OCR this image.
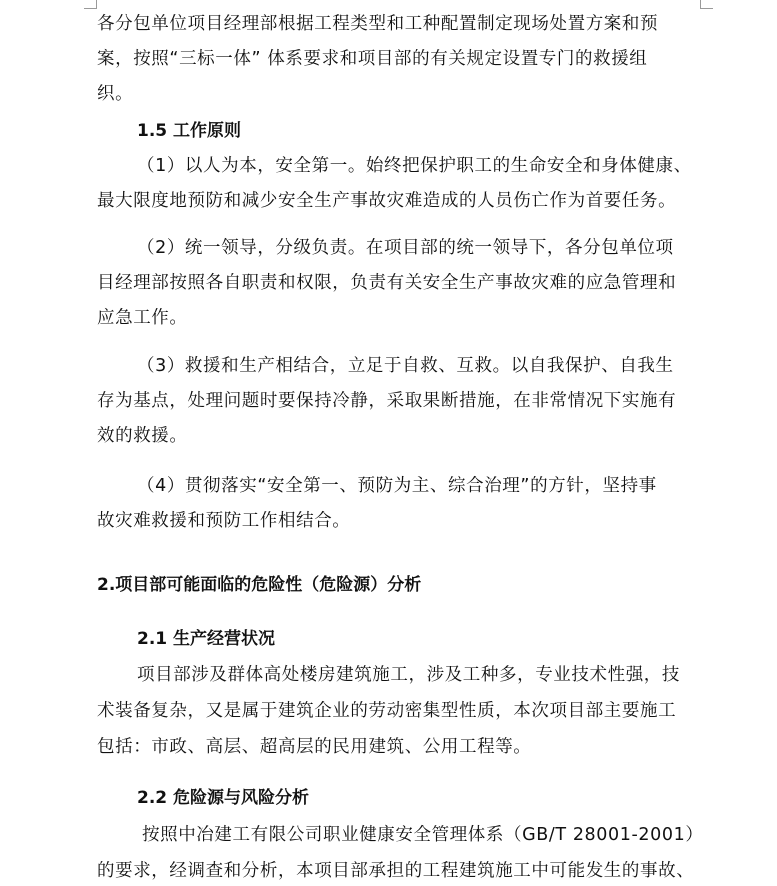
各分包单位项目经理部根据工程类型和工种配置制定现场处置方案和预
案，按照“三标一体” 体系要求和项目部的有关规定设置专门的救援组
织。
1.5 工作原则
（1）以人为本，安全第一。始终把保护职工的生命安全和身体健康、
最大限度地预防和减少安全生产事故灾难造成的人员伤亡作为首要任务。
（2）统一领导，分级负责。在项目部的统一领导下，各分包单位项
目经理部按照各自职责和权限，负责有关安全生产事故灾难的应急管理和
应急工作。
（3）救援和生产相结合，立足于自救、互救。以自我保护、自我生
存为基点，处理问题时要保持冷静，采取果断措施，在非常情况下实施有
效的救援。
（4）贯彻落实“安全第一、预防为主、综合治理”的方针，坚持事
故灾难救援和预防工作相结合。
2.项目部可能面临的危险性（危险源）分析
2.1 生产经营状况
项目部涉及群体高处楼房建筑施工，涉及工种多，专业技术性强，技
术装备复杂，又是属于建筑企业的劳动密集型性质，本次项目部主要施工
包括：市政、高层、超高层的民用建筑、公用工程等。
2.2 危险源与风险分析
按照中冶建工有限公司职业健康安全管理体系（GB/T 28001-2001）
的要求，经调查和分析，本项目部承担的工程建筑施工中可能发生的事故、
